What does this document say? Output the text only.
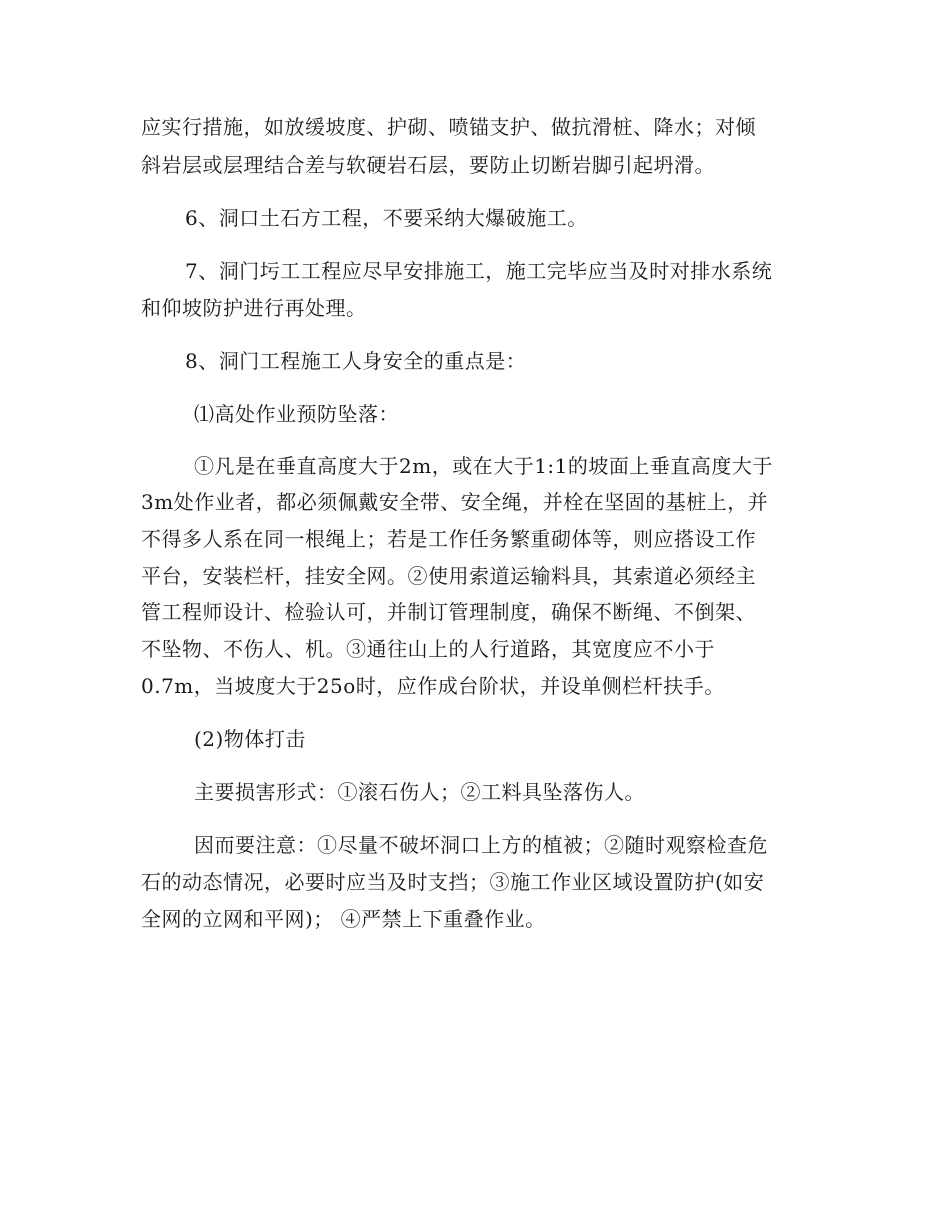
应实行措施，如放缓坡度、护砌、喷锚支护、做抗滑桩、降水；对倾
斜岩层或层理结合差与软硬岩石层，要防止切断岩脚引起坍滑。
6、洞口土石方工程，不要采纳大爆破施工。
7、洞门圬工工程应尽早安排施工，施工完毕应当及时对排水系统
和仰坡防护进行再处理。
8、洞门工程施工人身安全的重点是：
⑴高处作业预防坠落：
①凡是在垂直高度大于2m，或在大于1:1的坡面上垂直高度大于
3m处作业者，都必须佩戴安全带、安全绳，并栓在坚固的基桩上，并
不得多人系在同一根绳上；若是工作任务繁重砌体等，则应搭设工作
平台，安装栏杆，挂安全网。②使用索道运输料具，其索道必须经主
管工程师设计、检验认可，并制订管理制度，确保不断绳、不倒架、
不坠物、不伤人、机。③通往山上的人行道路，其宽度应不小于
0.7m，当坡度大于25o时，应作成台阶状，并设单侧栏杆扶手。
(2)物体打击
主要损害形式：①滚石伤人；②工料具坠落伤人。
因而要注意：①尽量不破坏洞口上方的植被；②随时观察检查危
石的动态情况，必要时应当及时支挡；③施工作业区域设置防护(如安
全网的立网和平网)； ④严禁上下重叠作业。
